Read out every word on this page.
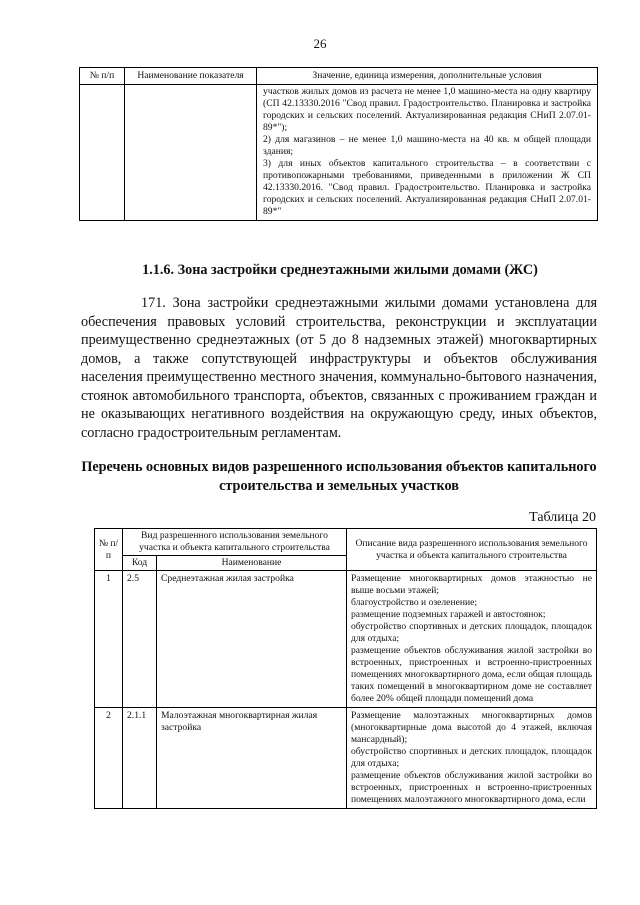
26
№ п/п	Наименование показателя	Значение, единица измерения, дополнительные условия

		участков жилых домов из расчета не менее 1,0 машино-места на одну квартиру (СП 42.13330.2016 "Свод правил. Градостроительство. Планировка и застройка городских и сельских поселений. Актуализированная редакция СНиП 2.07.01-89*");
2) для магазинов – не менее 1,0 машино-места на 40 кв. м общей площади здания;
3) для иных объектов капитального строительства – в соответствии с противопожарными требованиями, приведенными в приложении Ж СП 42.13330.2016. "Свод правил. Градостроительство. Планировка и застройка городских и сельских поселений. Актуализированная редакция СНиП 2.07.01-89*"
1.1.6. Зона застройки среднеэтажными жилыми домами (ЖС)

171. Зона застройки среднеэтажными жилыми домами установлена для обеспечения правовых условий строительства, реконструкции и эксплуатации преимущественно среднеэтажных (от 5 до 8 надземных этажей) многоквартирных домов, а также сопутствующей инфраструктуры и объектов обслуживания населения преимущественно местного значения, коммунально-бытового назначения, стоянок автомобильного транспорта, объектов, связанных с проживанием граждан и не оказывающих негативного воздействия на окружающую среду, иных объектов, согласно градостроительным регламентам.

Перечень основных видов разрешенного использования объектов капитального строительства и земельных участков
Таблица 20
№ п/п	Вид разрешенного использования земельного участка и объекта капитального строительства		Описание вида разрешенного использования земельного участка и объекта капитального строительства
	Код	Наименование	
1	2.5	Среднеэтажная жилая застройка	Размещение многоквартирных домов этажностью не выше восьми этажей;
благоустройство и озеленение;
размещение подземных гаражей и автостоянок;
обустройство спортивных и детских площадок, площадок для отдыха;
размещение объектов обслуживания жилой застройки во встроенных, пристроенных и встроенно-пристроенных помещениях многоквартирного дома, если общая площадь таких помещений в многоквартирном доме не составляет более 20% общей площади помещений дома

2	2.1.1	Малоэтажная многоквартирная жилая застройка	Размещение малоэтажных многоквартирных домов (многоквартирные дома высотой до 4 этажей, включая мансардный);
обустройство спортивных и детских площадок, площадок для отдыха;
размещение объектов обслуживания жилой застройки во встроенных, пристроенных и встроенно-пристроенных помещениях малоэтажного многоквартирного дома, если
